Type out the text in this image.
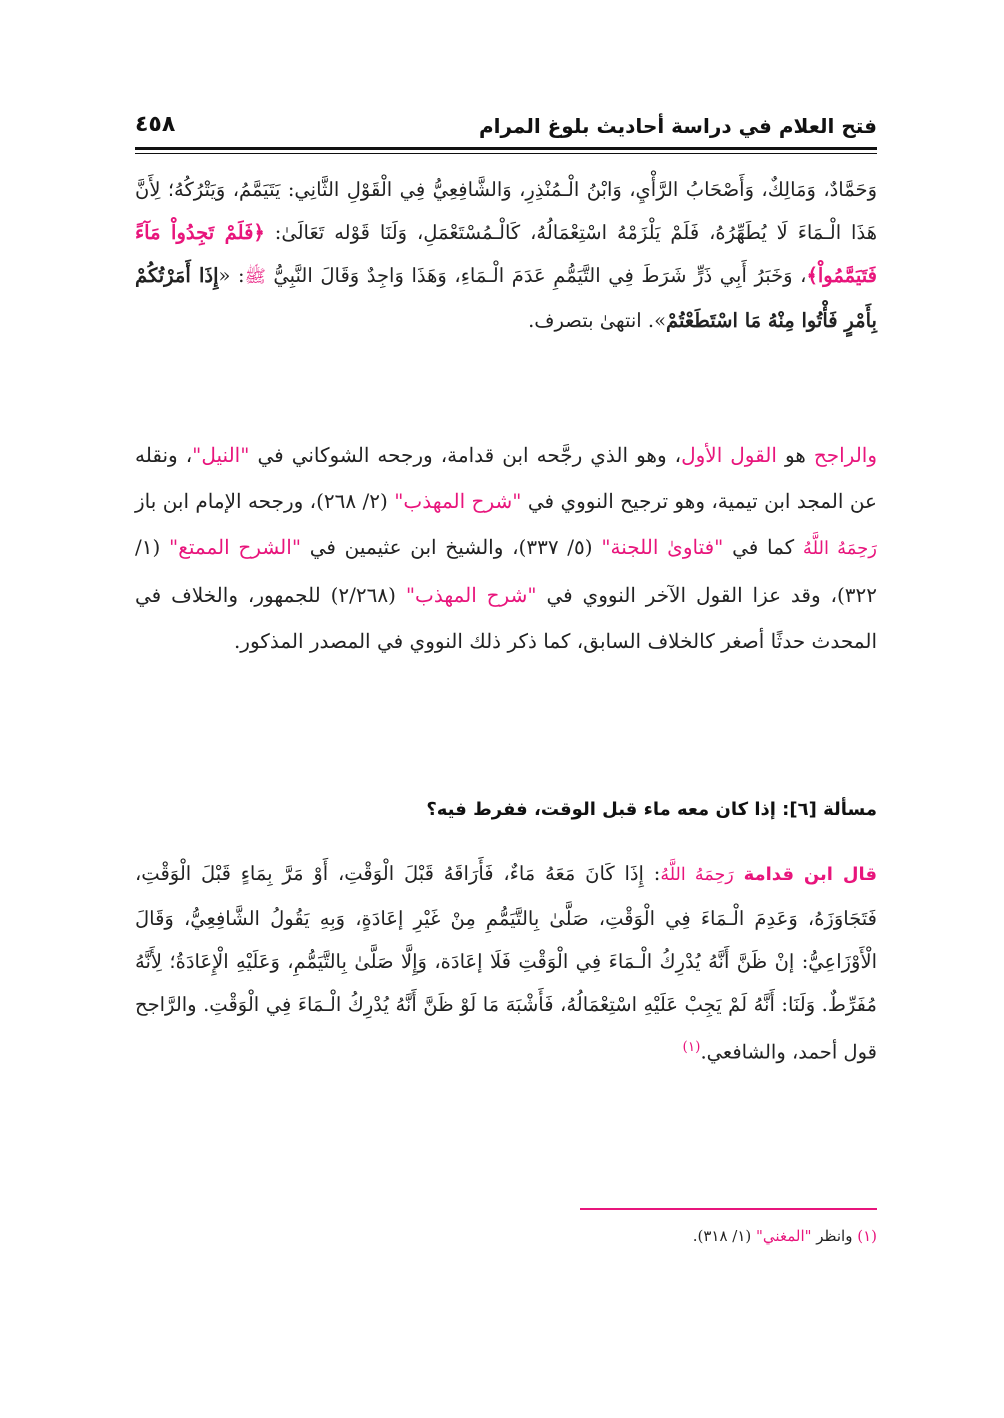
فتح العلام في دراسة أحاديث بلوغ المرام
٤٥٨
وَحَمَّادٌ، وَمَالِكٌ، وَأَصْحَابُ الرَّأْيِ، وَابْنُ الْـمُنْذِرِ، وَالشَّافِعِيُّ فِي الْقَوْلِ الثَّانِي: يَتَيَمَّمُ، وَيَتْرُكُهُ؛ لِأَنَّ هَذَا الْـمَاءَ لَا يُطَهِّرُهُ، فَلَمْ يَلْزَمْهُ اسْتِعْمَالُهُ، كَالْـمُسْتَعْمَلِ، وَلَنَا قَوْله تَعَالَىٰ: ﴿فَلَمْ تَجِدُواْ مَآءً فَتَيَمَّمُواْ﴾، وَخَبَرُ أَبِي ذَرٍّ شَرَطَ فِي التَّيَمُّمِ عَدَمَ الْـمَاءِ، وَهَذَا وَاجِدٌ وَقَالَ النَّبِيُّ ﷺ: «إِذَا أَمَرْتُكُمْ بِأَمْرٍ فَأْتُوا مِنْهُ مَا اسْتَطَعْتُمْ». انتهىٰ بتصرف.
والراجح هو القول الأول، وهو الذي رجَّحه ابن قدامة، ورجحه الشوكاني في "النيل"، ونقله عن المجد ابن تيمية، وهو ترجيح النووي في "شرح المهذب" (٢/ ٢٦٨)، ورجحه الإمام ابن باز رَحِمَهُ اللَّهُ كما في "فتاوىٰ اللجنة" (٥/ ٣٣٧)، والشيخ ابن عثيمين في "الشرح الممتع" (١/ ٣٢٢)، وقد عزا القول الآخر النووي في "شرح المهذب" (٢/٢٦٨) للجمهور، والخلاف في المحدث حدثًا أصغر كالخلاف السابق، كما ذكر ذلك النووي في المصدر المذكور.
مسألة [٦]: إذا كان معه ماء قبل الوقت، ففرط فيه؟
قال ابن قدامة رَحِمَهُ اللَّهُ: إِذَا كَانَ مَعَهُ مَاءٌ، فَأَرَاقَهُ قَبْلَ الْوَقْتِ، أَوْ مَرَّ بِمَاءٍ قَبْلَ الْوَقْتِ، فَتَجَاوَزَهُ، وَعَدِمَ الْـمَاءَ فِي الْوَقْتِ، صَلَّىٰ بِالتَّيَمُّمِ مِنْ غَيْرِ إعَادَةٍ، وَبِهِ يَقُولُ الشَّافِعِيُّ، وَقَالَ الْأَوْزَاعِيُّ: إنْ ظَنَّ أَنَّهُ يُدْرِكُ الْـمَاءَ فِي الْوَقْتِ فَلَا إعَادَة، وَإِلَّا صَلَّىٰ بِالتَّيَمُّمِ، وَعَلَيْهِ الْإِعَادَةُ؛ لِأَنَّهُ مُفَرِّطٌ. وَلَنَا: أَنَّهُ لَمْ يَجِبْ عَلَيْهِ اسْتِعْمَالُهُ، فَأَشْبَهَ مَا لَوْ ظَنَّ أَنَّهُ يُدْرِكُ الْـمَاءَ فِي الْوَقْتِ. والرَّاجح قول أحمد، والشافعي.$^{(١)}$
(١) وانظر "المغني" (١/ ٣١٨).
